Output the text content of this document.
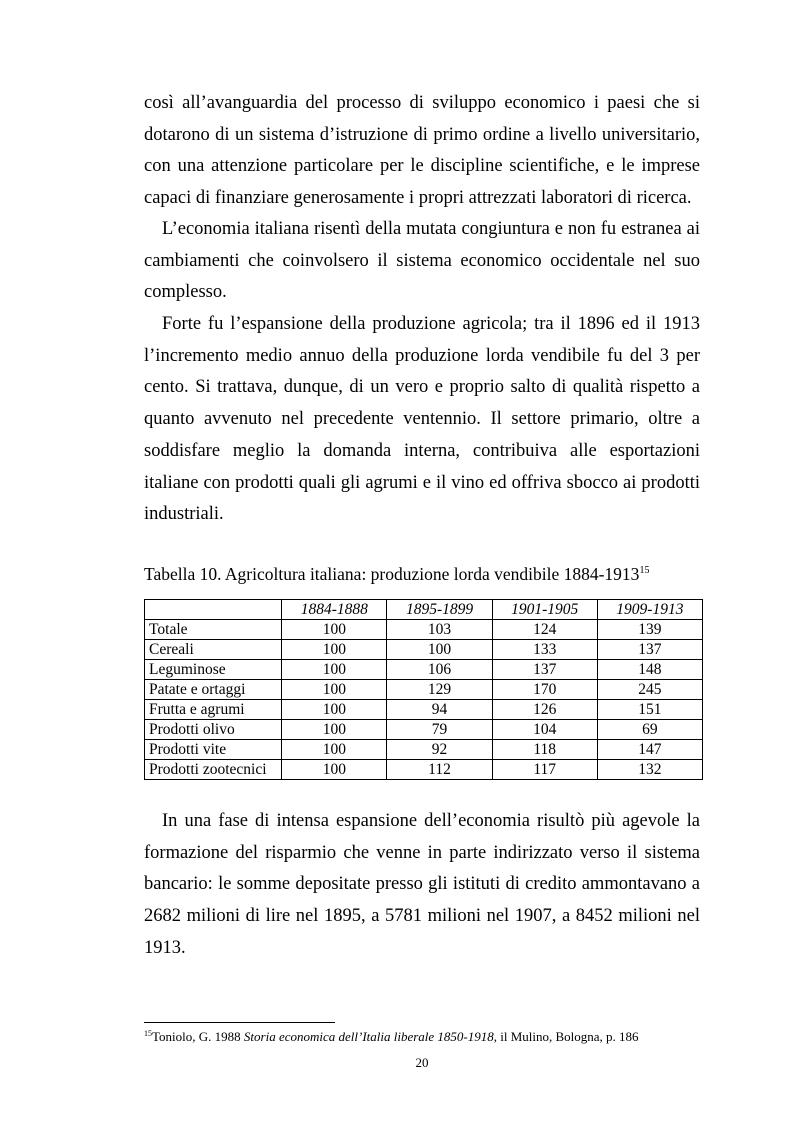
così all’avanguardia del processo di sviluppo economico i paesi che si dotarono di un sistema d’istruzione di primo ordine a livello universitario, con una attenzione particolare per le discipline scientifiche, e le imprese capaci di finanziare generosamente i propri attrezzati laboratori di ricerca.

L’economia italiana risentì della mutata congiuntura e non fu estranea ai cambiamenti che coinvolsero il sistema economico occidentale nel suo complesso.

Forte fu l’espansione della produzione agricola; tra il 1896 ed il 1913 l’incremento medio annuo della produzione lorda vendibile fu del 3 per cento. Si trattava, dunque, di un vero e proprio salto di qualità rispetto a quanto avvenuto nel precedente ventennio. Il settore primario, oltre a soddisfare meglio la domanda interna, contribuiva alle esportazioni italiane con prodotti quali gli agrumi e il vino ed offriva sbocco ai prodotti industriali.

Tabella 10. Agricoltura italiana: produzione lorda vendibile 1884-1913$^{15}$
	1884-1888	1895-1899	1901-1905	1909-1913
Totale	100	103	124	139
Cereali	100	100	133	137
Leguminose	100	106	137	148
Patate e ortaggi	100	129	170	245
Frutta e agrumi	100	94	126	151
Prodotti olivo	100	79	104	69
Prodotti vite	100	92	118	147
Prodotti zootecnici	100	112	117	132

In una fase di intensa espansione dell’economia risultò più agevole la formazione del risparmio che venne in parte indirizzato verso il sistema bancario: le somme depositate presso gli istituti di credito ammontavano a 2682 milioni di lire nel 1895, a 5781 milioni nel 1907, a 8452 milioni nel 1913.

$^{15}$Toniolo, G. 1988 Storia economica dell’Italia liberale 1850-1918, il Mulino, Bologna, p. 186
20
